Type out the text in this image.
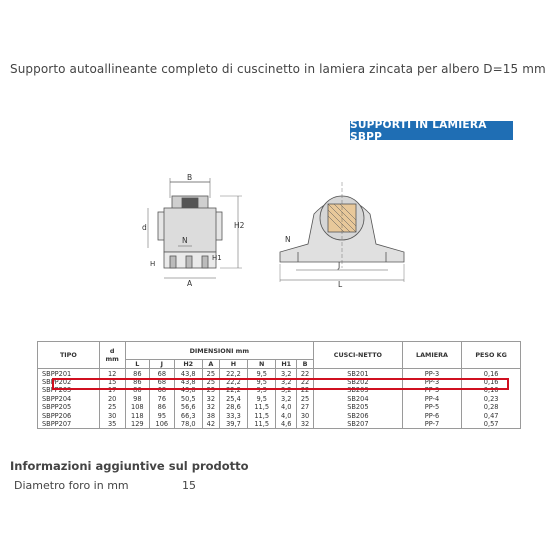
Supporto autoallineante completo di cuscinetto in lamiera zincata per albero D=15 mm
SUPPORTI IN LAMIERA SBPP
B
d
N
A
H2
H
H1
N
J
L
TIPO	d
mm	DIMENSIONI mm								CUSCI-NETTO	LAMIERA	PESO KG
		L	J	H2	A	H	N	H1	B			
SBPP201	12	86	68	43,8	25	22,2	9,5	3,2	22	SB201	PP-3	0,16
SBPP202	15	86	68	43,8	25	22,2	9,5	3,2	22	SB202	PP-3	0,16
SBPP203	17	86	68	43,8	25	22,2	9,5	3,2	22	SB203	PP-3	0,16
SBPP204	20	98	76	50,5	32	25,4	9,5	3,2	25	SB204	PP-4	0,23
SBPP205	25	108	86	56,6	32	28,6	11,5	4,0	27	SB205	PP-5	0,28
SBPP206	30	118	95	66,3	38	33,3	11,5	4,0	30	SB206	PP-6	0,47
SBPP207	35	129	106	78,0	42	39,7	11,5	4,6	32	SB207	PP-7	0,57
Informazioni aggiuntive sul prodotto
Diametro foro in mm	15
